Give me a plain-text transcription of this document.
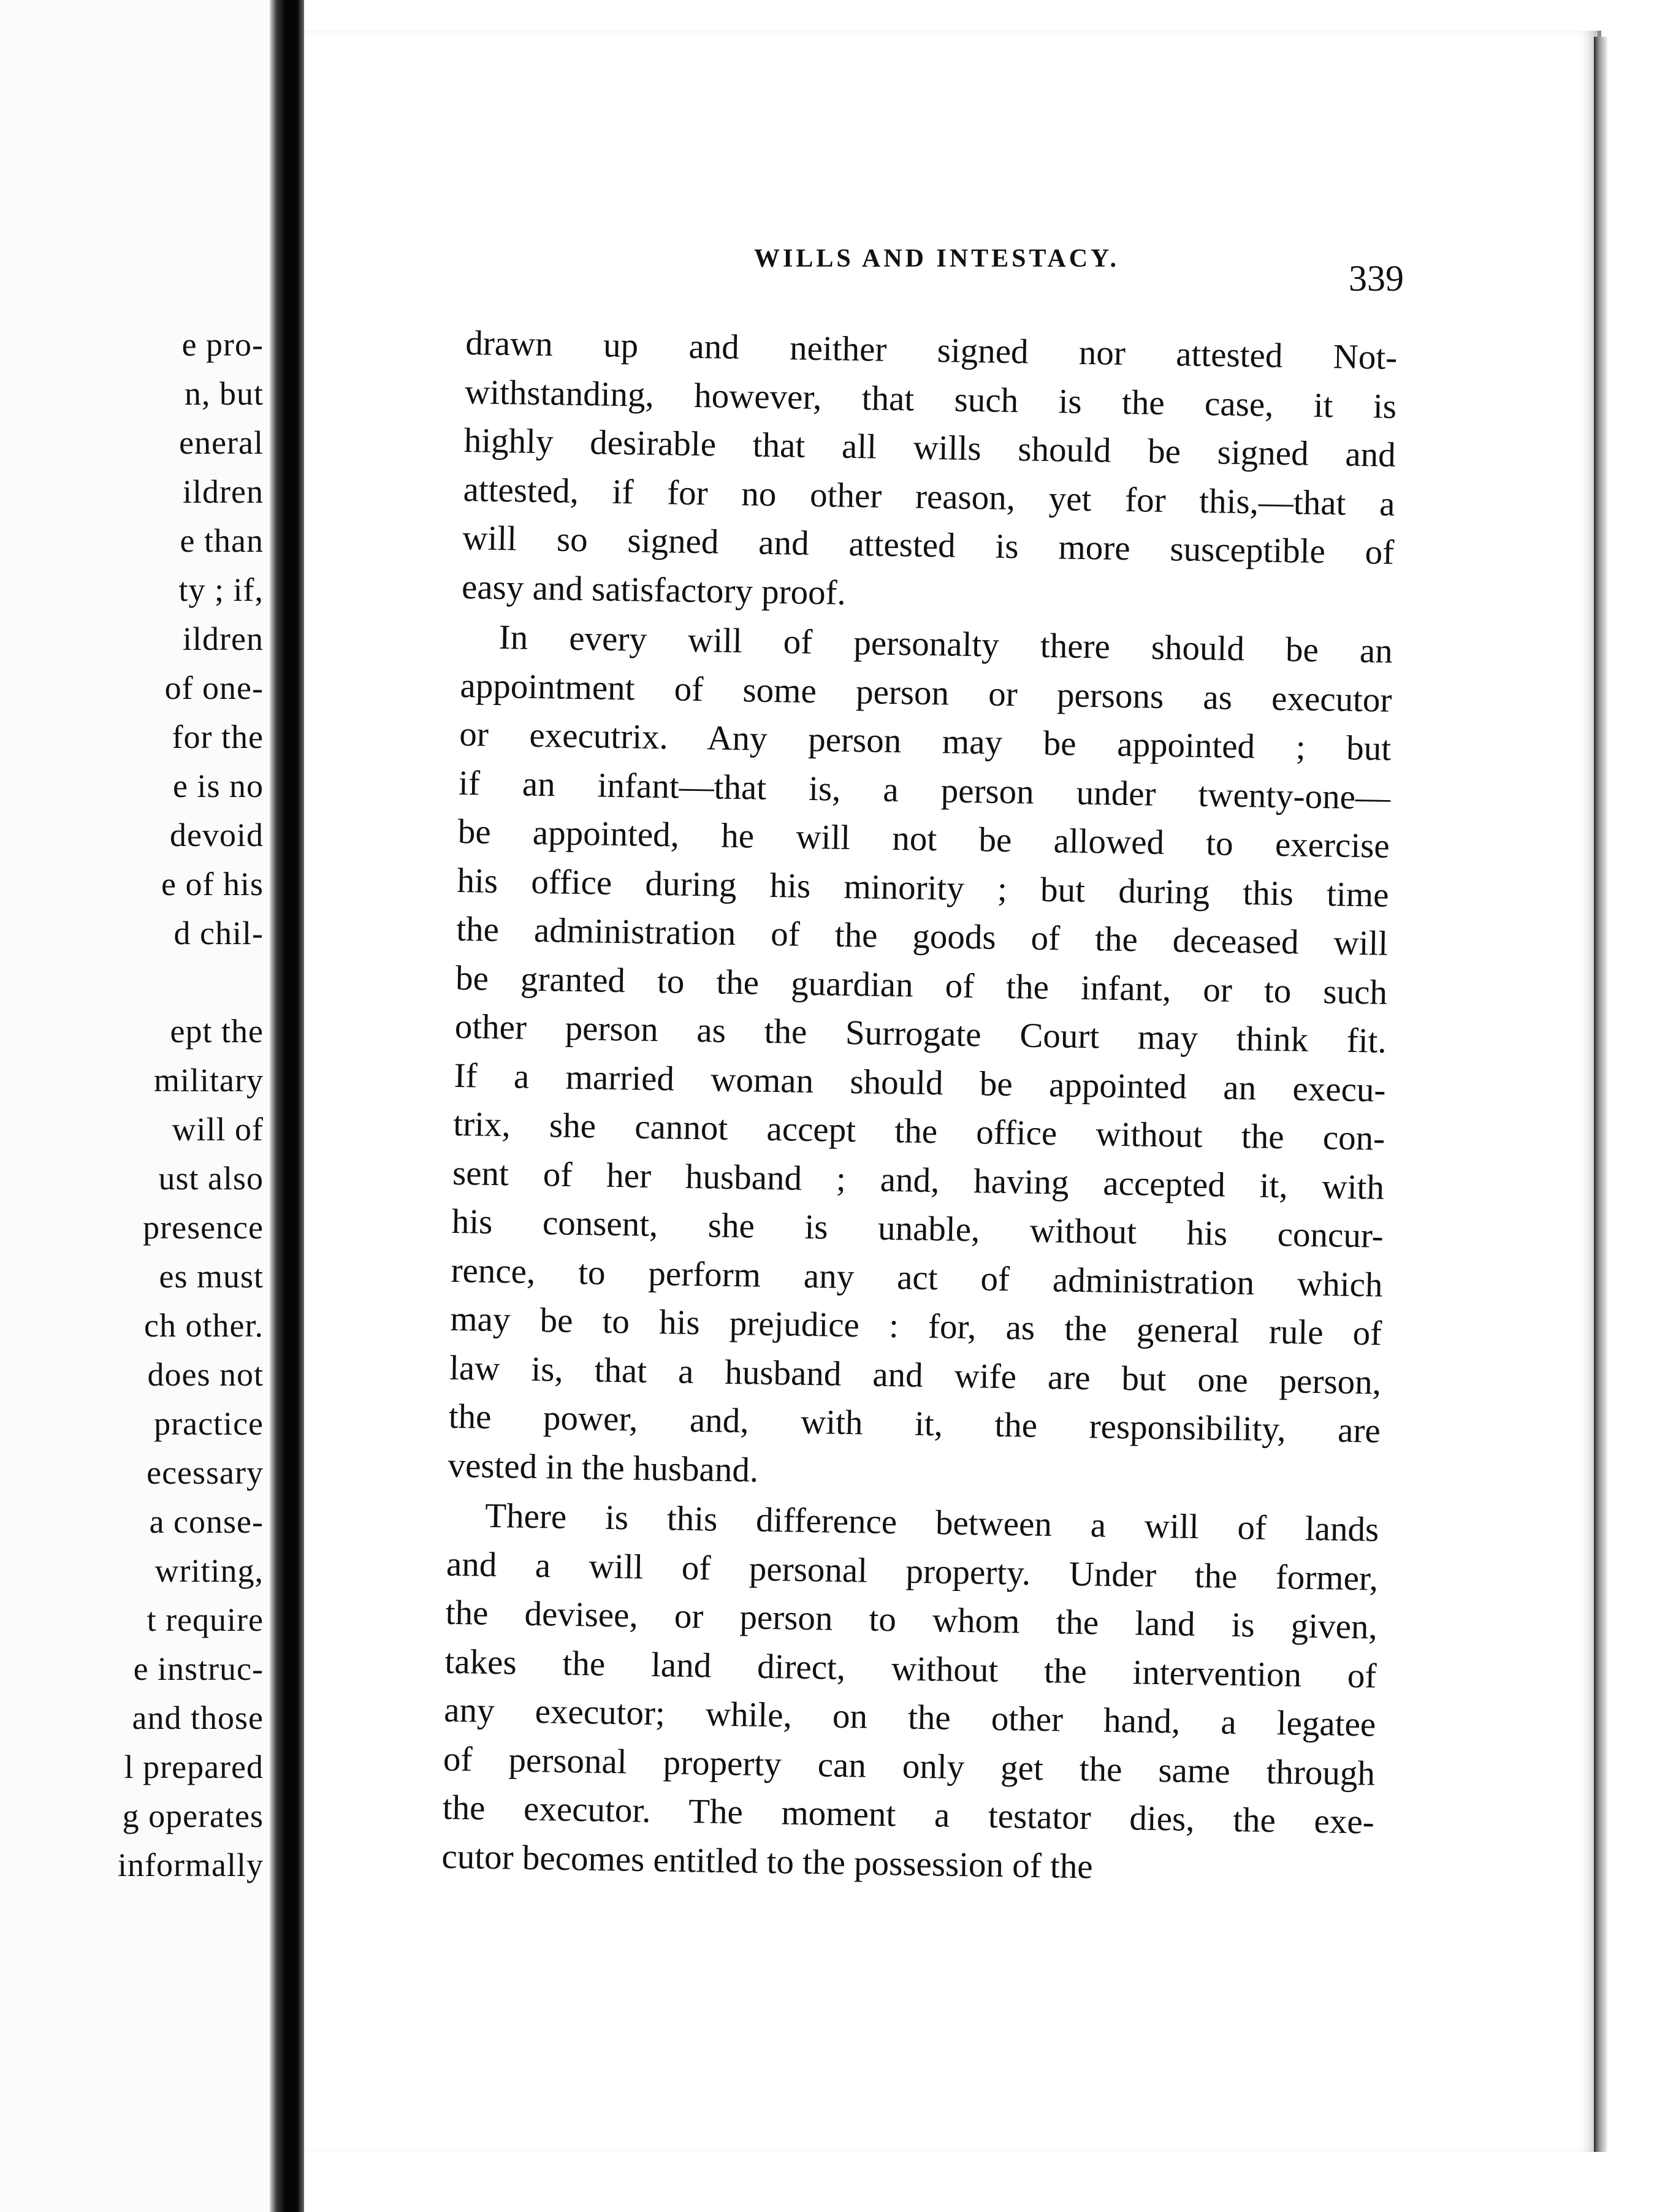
e pro-
n, but
eneral
ildren
e than
ty ; if,
ildren
of one-
for the
e is no
devoid
e of his
d chil-
ept the
military
will of
ust also
presence
es must
ch other.
does not
practice
ecessary
a conse-
writing,
t require
e instruc-
and those
l prepared
g operates
informally
WILLS AND INTESTACY.	339
drawn up and neither signed nor attested Not-
withstanding, however, that such is the case, it is
highly desirable that all wills should be signed and
attested, if for no other reason, yet for this,—that a
will so signed and attested is more susceptible of
easy and satisfactory proof.
In every will of personalty there should be an
appointment of some person or persons as executor
or executrix. Any person may be appointed ; but
if an infant—that is, a person under twenty-one—
be appointed, he will not be allowed to exercise
his office during his minority ; but during this time
the administration of the goods of the deceased will
be granted to the guardian of the infant, or to such
other person as the Surrogate Court may think fit.
If a married woman should be appointed an execu-
trix, she cannot accept the office without the con-
sent of her husband ; and, having accepted it, with
his consent, she is unable, without his concur-
rence, to perform any act of administration which
may be to his prejudice : for, as the general rule of
law is, that a husband and wife are but one person,
the power, and, with it, the responsibility, are
vested in the husband.
There is this difference between a will of lands
and a will of personal property. Under the former,
the devisee, or person to whom the land is given,
takes the land direct, without the intervention of
any executor; while, on the other hand, a legatee
of personal property can only get the same through
the executor. The moment a testator dies, the exe-
cutor becomes entitled to the possession of the
